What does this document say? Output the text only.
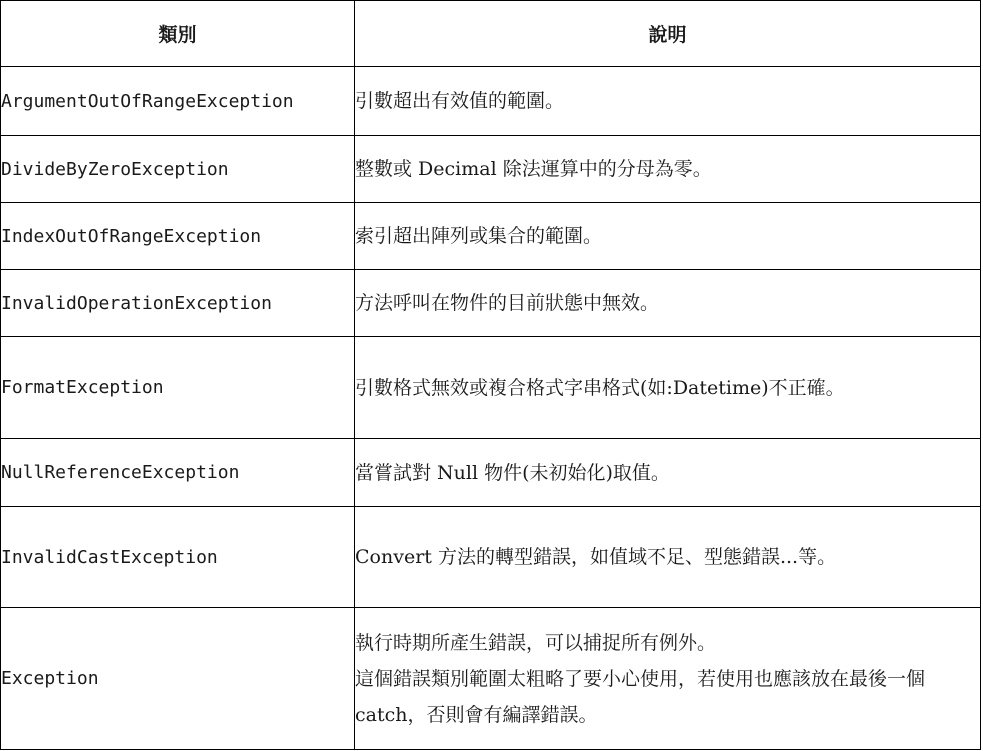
類別	說明
ArgumentOutOfRangeException	引數超出有效值的範圍。

DivideByZeroException	整數或 Decimal 除法運算中的分母為零。

IndexOutOfRangeException	索引超出陣列或集合的範圍。

InvalidOperationException	方法呼叫在物件的目前狀態中無效。

FormatException	引數格式無效或複合格式字串格式(如:Datetime)不正確。

NullReferenceException	當嘗試對 Null 物件(未初始化)取值。

InvalidCastException	Convert 方法的轉型錯誤，如值域不足、型態錯誤...等。

Exception	執行時期所產生錯誤，可以捕捉所有例外。
這個錯誤類別範圍太粗略了要小心使用，若使用也應該放在最後一個 catch，否則會有編譯錯誤。
